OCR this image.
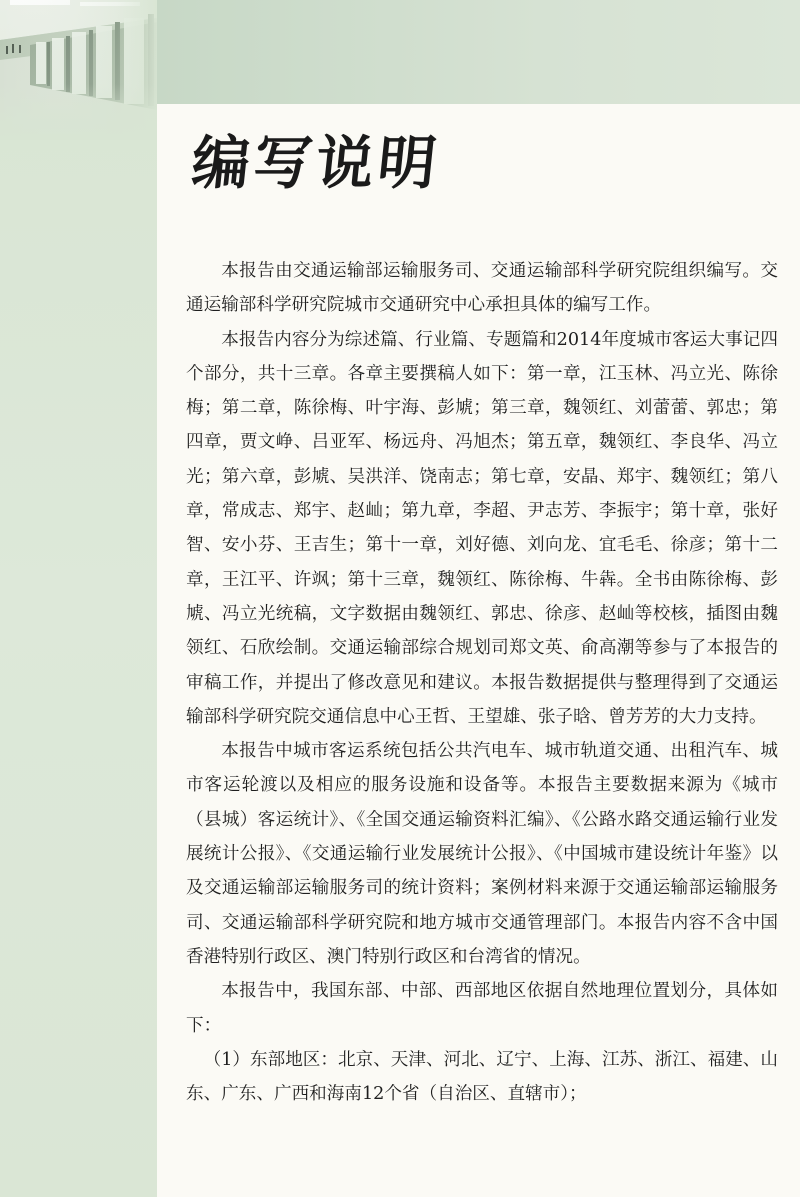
编写说明

本报告由交通运输部运输服务司、交通运输部科学研究院组织编写。交通运输部科学研究院城市交通研究中心承担具体的编写工作。

本报告内容分为综述篇、行业篇、专题篇和2014年度城市客运大事记四个部分，共十三章。各章主要撰稿人如下：第一章，江玉林、冯立光、陈徐梅；第二章，陈徐梅、叶宇海、彭虓；第三章，魏领红、刘蕾蕾、郭忠；第四章，贾文峥、吕亚军、杨远舟、冯旭杰；第五章，魏领红、李良华、冯立光；第六章，彭虓、吴洪洋、饶南志；第七章，安晶、郑宇、魏领红；第八章，常成志、郑宇、赵屾；第九章，李超、尹志芳、李振宇；第十章，张好智、安小芬、王吉生；第十一章，刘好德、刘向龙、宜毛毛、徐彦；第十二章，王江平、许飒；第十三章，魏领红、陈徐梅、牛犇。全书由陈徐梅、彭虓、冯立光统稿，文字数据由魏领红、郭忠、徐彦、赵屾等校核，插图由魏领红、石欣绘制。交通运输部综合规划司郑文英、俞高潮等参与了本报告的审稿工作，并提出了修改意见和建议。本报告数据提供与整理得到了交通运输部科学研究院交通信息中心王哲、王望雄、张子晗、曾芳芳的大力支持。

本报告中城市客运系统包括公共汽电车、城市轨道交通、出租汽车、城市客运轮渡以及相应的服务设施和设备等。本报告主要数据来源为《城市（县城）客运统计》、《全国交通运输资料汇编》、《公路水路交通运输行业发展统计公报》、《交通运输行业发展统计公报》、《中国城市建设统计年鉴》以及交通运输部运输服务司的统计资料；案例材料来源于交通运输部运输服务司、交通运输部科学研究院和地方城市交通管理部门。本报告内容不含中国香港特别行政区、澳门特别行政区和台湾省的情况。

本报告中，我国东部、中部、西部地区依据自然地理位置划分，具体如下：

（1）东部地区：北京、天津、河北、辽宁、上海、江苏、浙江、福建、山东、广东、广西和海南12个省（自治区、直辖市）；
